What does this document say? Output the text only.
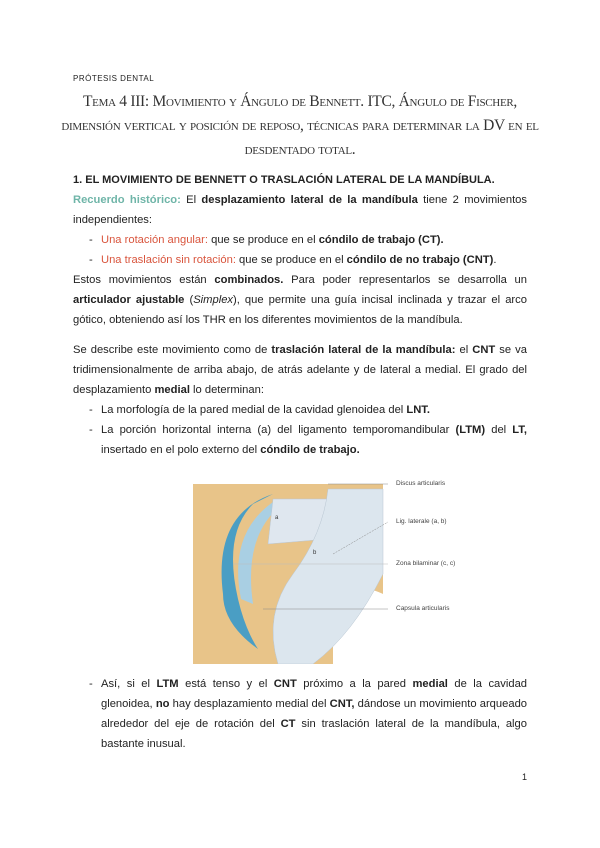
PRÓTESIS DENTAL
Tema 4 III: Movimiento y Ángulo de Bennett. ITC, Ángulo de Fischer, dimensión vertical y posición de reposo, técnicas para determinar la DV en el desdentado total.

1. EL MOVIMIENTO DE BENNETT O TRASLACIÓN LATERAL DE LA MANDÍBULA.

Recuerdo histórico: El desplazamiento lateral de la mandíbula tiene 2 movimientos independientes:

- Una rotación angular: que se produce en el cóndilo de trabajo (CT).
- Una traslación sin rotación: que se produce en el cóndilo de no trabajo (CNT).

Estos movimientos están combinados. Para poder representarlos se desarrolla un articulador ajustable (Simplex), que permite una guía incisal inclinada y trazar el arco gótico, obteniendo así los THR en los diferentes movimientos de la mandíbula.

Se describe este movimiento como de traslación lateral de la mandíbula: el CNT se va tridimensionalmente de arriba abajo, de atrás adelante y de lateral a medial. El grado del desplazamiento medial lo determinan:

- La morfología de la pared medial de la cavidad glenoidea del LNT.
- La porción horizontal interna (a) del ligamento temporomandibular (LTM) del LT, insertado en el polo externo del cóndilo de trabajo.
a
b
Discus articularis
Lig. laterale (a, b)
Zona bilaminar (c, c)
Capsula articularis
- Así, si el LTM está tenso y el CNT próximo a la pared medial de la cavidad glenoidea, no hay desplazamiento medial del CNT, dándose un movimiento arqueado alrededor del eje de rotación del CT sin traslación lateral de la mandíbula, algo bastante inusual.
1
